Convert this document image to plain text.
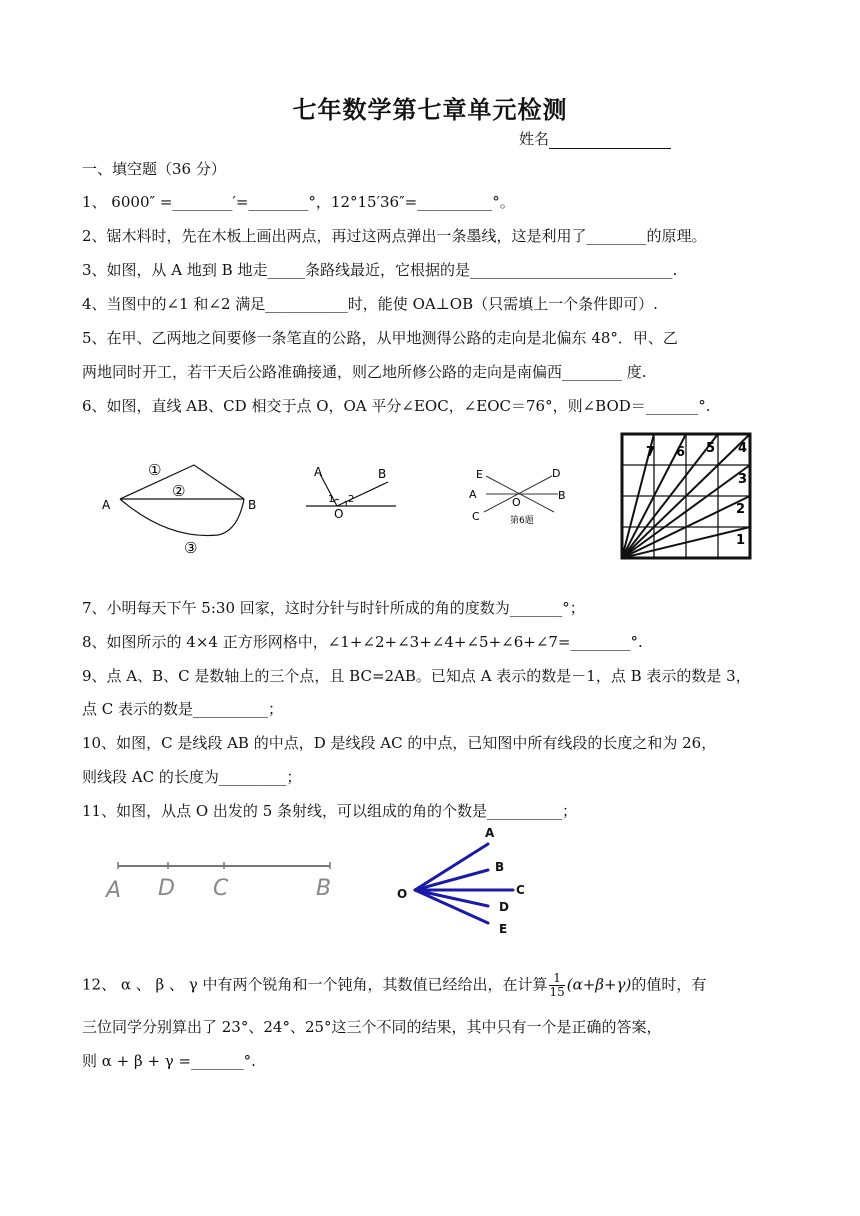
七年数学第七章单元检测
姓名
一、填空题（36 分）
1、 6000″ =________′=________°，12°15′36″=__________°。
2、锯木料时，先在木板上画出两点，再过这两点弹出一条墨线，这是利用了________的原理。
3、如图，从 A 地到 B 地走_____条路线最近，它根据的是___________________________.
4、当图中的∠1 和∠2 满足___________时，能使 OA⊥OB（只需填上一个条件即可）.
5、在甲、乙两地之间要修一条笔直的公路，从甲地测得公路的走向是北偏东 48°．甲、乙
两地同时开工，若干天后公路准确接通，则乙地所修公路的走向是南偏西________ 度.
6、如图，直线 AB、CD 相交于点 O，OA 平分∠EOC，∠EOC＝76°，则∠BOD＝_______°.
A	B
①
②
③
A	B
O
1 2
E	D
A
O
B
C	第6题
1
2
3
4
5
6
7
7、小明每天下午 5:30 回家，这时分针与时针所成的角的度数为_______°；
8、如图所示的 4×4 正方形网格中，∠1+∠2+∠3+∠4+∠5+∠6+∠7=________°.
9、点 A、B、C 是数轴上的三个点，且 BC=2AB。已知点 A 表示的数是－1，点 B 表示的数是 3，
点 C 表示的数是__________；
10、如图，C 是线段 AB 的中点，D 是线段 AC 的中点，已知图中所有线段的长度之和为 26，
则线段 AC 的长度为_________；
11、如图，从点 O 出发的 5 条射线，可以组成的角的个数是__________；
A D C	B
A
B
C
D
E
O
12、 α 、 β 、 γ 中有两个锐角和一个钝角，其数值已经给出，在计算 $\frac{1}{15} (\alpha+\beta+\gamma)$的值时，有
三位同学分别算出了 23°、24°、25°这三个不同的结果，其中只有一个是正确的答案，
则 α + β + γ =_______°.
